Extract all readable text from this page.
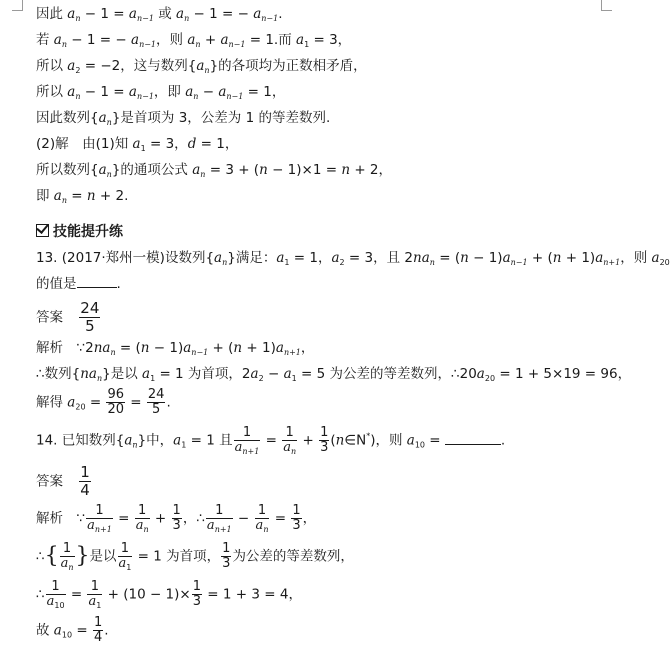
因此 $a_n - 1 = a_{n-1}$ 或 $a_n - 1$ = − $a_{n-1}$.
若 $a_n - 1$ = − $a_{n-1}$，则 $a_n + a_{n-1} = 1$.而 $a_1 = 3$，
所以 $a_2 = -2$，这与数列$\{a_n\}$的各项均为正数相矛盾，
所以 $a_n - 1 = a_{n-1}$，即 $a_n - a_{n-1} = 1$，
因此数列$\{a_n\}$是首项为 3，公差为 1 的等差数列.
(2)解　由(1)知 $a_1 = 3$，d = 1，
所以数列$\{a_n\}$的通项公式 $a_n = 3 + (n - 1)\times 1 = n + 2$，
即 $a_n = n + 2$.
技能提升练
13. (2017·郑州一模)设数列$\{a_n\}$满足：$a_1 = 1$，$a_2 = 3$，且 $2na_n = (n - 1)a_{n-1} + (n + 1)a_{n+1}$，则 $a_{20}$
的值是	.
答案 $\frac{24}{5}$
解析　 $\because 2na_n = (n - 1)a_{n-1} + (n + 1)a_{n+1}$，
∴数列$\{na_n\}$是以 $a_1 = 1$ 为首项，$2a_2 - a_1 = 5$ 为公差的等差数列，$\therefore 20a_{20} = 1 + 5\times 19 = 96$，
解得 $a_{20} = \frac{96}{20} = \frac{24}{5}$ .
14. 已知数列$\{a_n\}$中，$a_1 = 1$ 且 $\frac{1}{a_{n+1}} = \frac{1}{a_n} + \frac{1}{3}$ (n∈N*)，则 $a_{10}$ =	.
答案 $\frac{1}{4}$
解析　 ∵ $\frac{1}{a_{n+1}} = \frac{1}{a_n} + \frac{1}{3}$ ，∴ $\frac{1}{a_{n+1}} - \frac{1}{a_n} = \frac{1}{3}$ ，
∴{ $\frac{1}{a_n}$ }是以 $\frac{1}{a_1} = 1$ 为首项， $\frac{1}{3}$ 为公差的等差数列，
∴ $\frac{1}{a_{10}} = \frac{1}{a_1} + (10 - 1)\times \frac{1}{3} = 1 + 3 = 4$，
故 $a_{10} = \frac{1}{4}$ .
